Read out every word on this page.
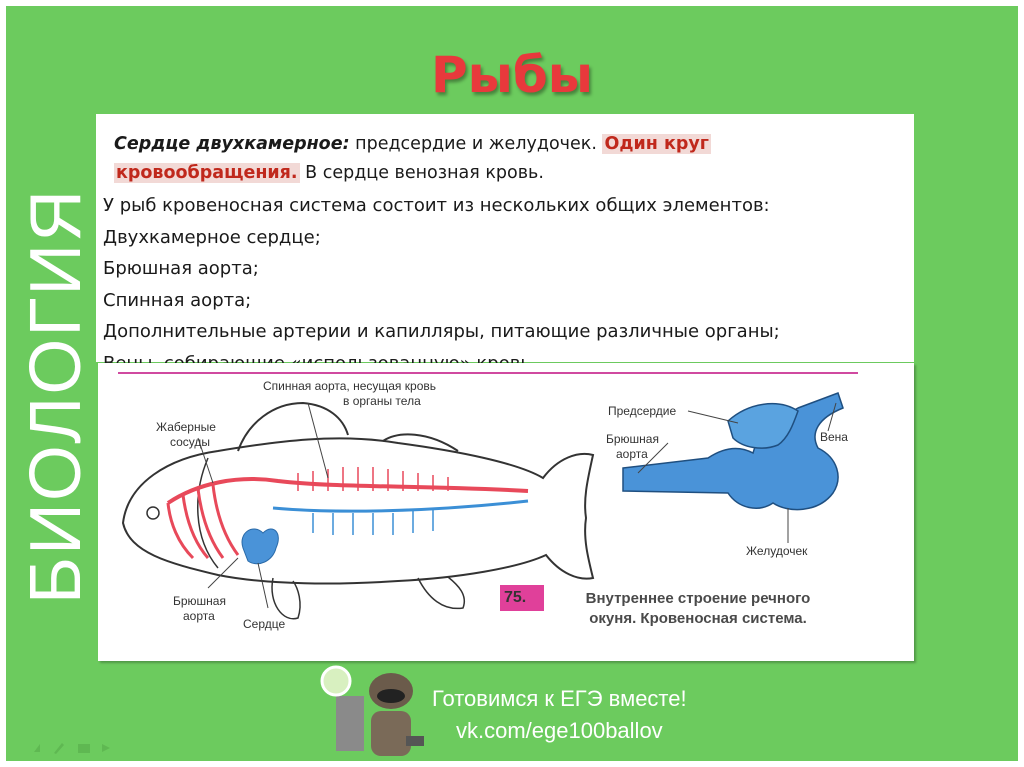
БИОЛОГИЯ
Рыбы
Сердце двухкамерное: предсердие и желудочек. Один круг
кровообращения. В сердце венозная кровь.
У рыб кровеносная система состоит из нескольких общих элементов:
Двухкамерное сердце;
Брюшная аорта;
Спинная аорта;
Дополнительные артерии и капилляры, питающие различные органы;
Спинная аорта, несущая кровь
в органы тела
Жаберные
сосуды
Брюшная
аорта
Сердце
Предсердие
Брюшная
аорта
Вена
Желудочек
75.	Внутреннее строение речного
окуня. Кровеносная система.
Готовимся к ЕГЭ вместе!
vk.com/ege100ballov
